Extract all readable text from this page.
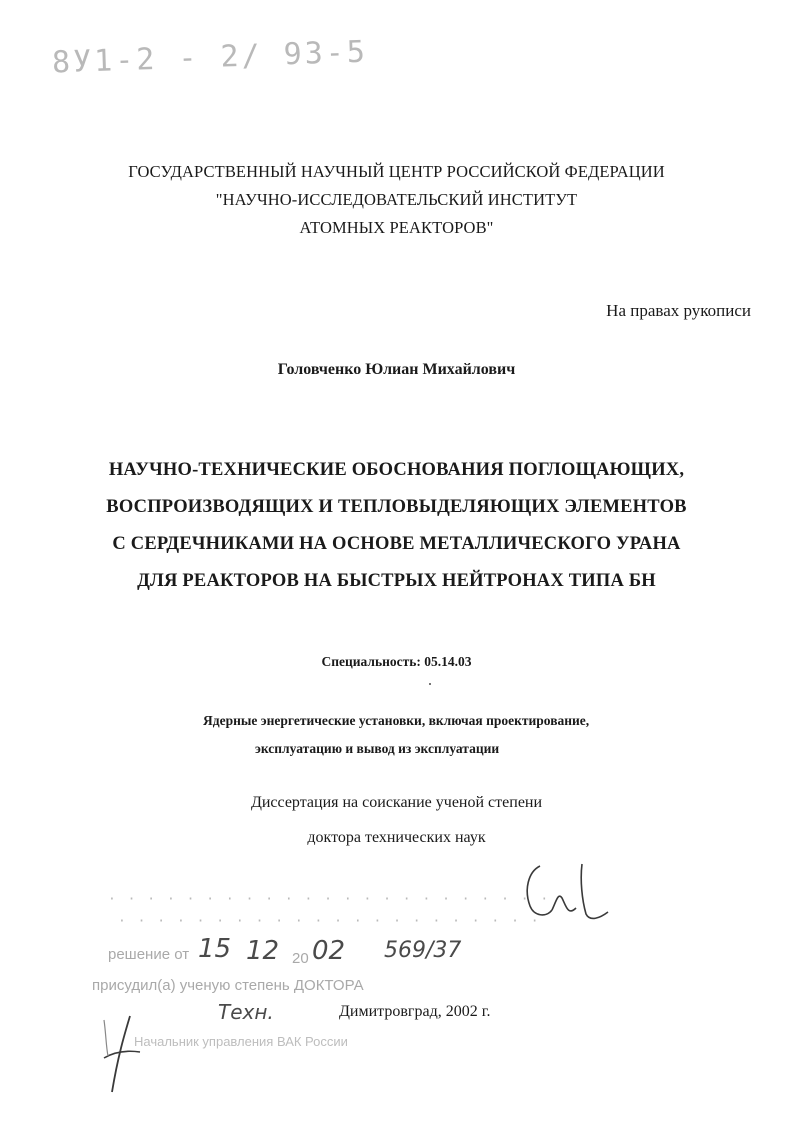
8У1-2 - 2/ 93-5
ГОСУДАРСТВЕННЫЙ НАУЧНЫЙ ЦЕНТР РОССИЙСКОЙ ФЕДЕРАЦИИ
"НАУЧНО-ИССЛЕДОВАТЕЛЬСКИЙ ИНСТИТУТ
АТОМНЫХ РЕАКТОРОВ"
На правах рукописи
Головченко Юлиан Михайлович
НАУЧНО-ТЕХНИЧЕСКИЕ ОБОСНОВАНИЯ ПОГЛОЩАЮЩИХ,
ВОСПРОИЗВОДЯЩИХ И ТЕПЛОВЫДЕЛЯЮЩИХ ЭЛЕМЕНТОВ
С СЕРДЕЧНИКАМИ НА ОСНОВЕ МЕТАЛЛИЧЕСКОГО УРАНА
ДЛЯ РЕАКТОРОВ НА БЫСТРЫХ НЕЙТРОНАХ ТИПА БН
Специальность: 05.14.03
Ядерные энергетические установки, включая проектирование,
эксплуатацию и вывод из эксплуатации
Диссертация на соискание ученой степени
доктора технических наук
· · · · · · · · · · · · · · · · · · · · · · ·
· · · · · · · · · · · · · · · · · · · · · ·
решение от 15 12 20 02 569/37
присудил(а) ученую степень ДОКТОРА
Техн.	Димитровград, 2002 г.
Начальник управления ВАК России
